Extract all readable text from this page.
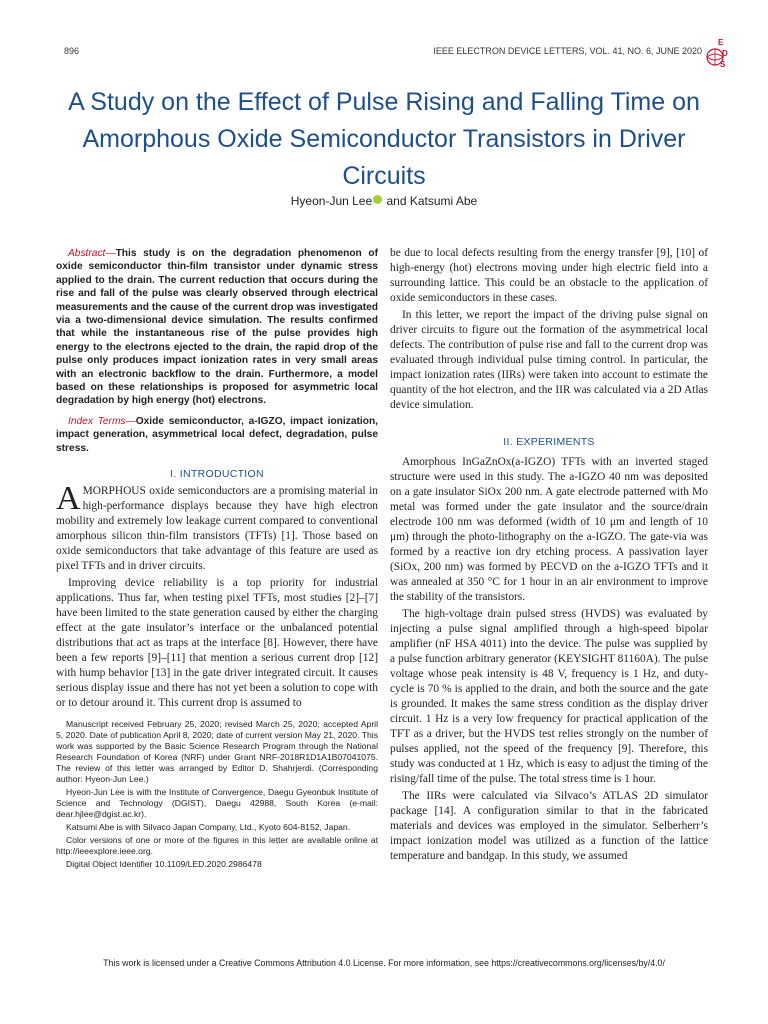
896	IEEE ELECTRON DEVICE LETTERS, VOL. 41, NO. 6, JUNE 2020
E
D
S
A Study on the Effect of Pulse Rising and Falling Time on Amorphous Oxide Semiconductor Transistors in Driver Circuits
Hyeon-Jun Lee and Katsumi Abe
Abstract—This study is on the degradation phenomenon of oxide semiconductor thin-film transistor under dynamic stress applied to the drain. The current reduction that occurs during the rise and fall of the pulse was clearly observed through electrical measurements and the cause of the current drop was investigated via a two-dimensional device simulation. The results confirmed that while the instantaneous rise of the pulse provides high energy to the electrons ejected to the drain, the rapid drop of the pulse only produces impact ionization rates in very small areas with an electronic backflow to the drain. Furthermore, a model based on these relationships is proposed for asymmetric local degradation by high energy (hot) electrons.
Index Terms—Oxide semiconductor, a-IGZO, impact ionization, impact generation, asymmetrical local defect, degradation, pulse stress.
I. INTRODUCTION

AMORPHOUS oxide semiconductors are a promising material in high-performance displays because they have high electron mobility and extremely low leakage current compared to conventional amorphous silicon thin-film transistors (TFTs) [1]. Those based on oxide semiconductors that take advantage of this feature are used as pixel TFTs and in driver circuits.

Improving device reliability is a top priority for industrial applications. Thus far, when testing pixel TFTs, most studies [2]–[7] have been limited to the state generation caused by either the charging effect at the gate insulator’s interface or the unbalanced potential distributions that act as traps at the interface [8]. However, there have been a few reports [9]–[11] that mention a serious current drop [12] with hump behavior [13] in the gate driver integrated circuit. It causes serious display issue and there has not yet been a solution to cope with or to detour around it. This current drop is assumed to

Manuscript received February 25, 2020; revised March 25, 2020; accepted April 5, 2020. Date of publication April 8, 2020; date of current version May 21, 2020. This work was supported by the Basic Science Research Program through the National Research Foundation of Korea (NRF) under Grant NRF-2018R1D1A1B07041075. The review of this letter was arranged by Editor D. Shahrjerdi. (Corresponding author: Hyeon-Jun Lee.)

Hyeon-Jun Lee is with the Institute of Convergence, Daegu Gyeonbuk Institute of Science and Technology (DGIST), Daegu 42988, South Korea (e-mail: dear.hjlee@dgist.ac.kr).

Katsumi Abe is with Silvaco Japan Company, Ltd., Kyoto 604-8152, Japan.

Color versions of one or more of the figures in this letter are available online at http://ieeexplore.ieee.org.

Digital Object Identifier 10.1109/LED.2020.2986478

be due to local defects resulting from the energy transfer [9], [10] of high-energy (hot) electrons moving under high electric field into a surrounding lattice. This could be an obstacle to the application of oxide semiconductors in these cases.

In this letter, we report the impact of the driving pulse signal on driver circuits to figure out the formation of the asymmetrical local defects. The contribution of pulse rise and fall to the current drop was evaluated through individual pulse timing control. In particular, the impact ionization rates (IIRs) were taken into account to estimate the quantity of the hot electron, and the IIR was calculated via a 2D Atlas device simulation.

II. EXPERIMENTS

Amorphous InGaZnOx(a-IGZO) TFTs with an inverted staged structure were used in this study. The a-IGZO 40 nm was deposited on a gate insulator SiOx 200 nm. A gate electrode patterned with Mo metal was formed under the gate insulator and the source/drain electrode 100 nm was deformed (width of 10 μm and length of 10 μm) through the photo-lithography on the a-IGZO. The gate-via was formed by a reactive ion dry etching process. A passivation layer (SiOx, 200 nm) was formed by PECVD on the a-IGZO TFTs and it was annealed at 350 °C for 1 hour in an air environment to improve the stability of the transistors.

The high-voltage drain pulsed stress (HVDS) was evaluated by injecting a pulse signal amplified through a high-speed bipolar amplifier (nF HSA 4011) into the device. The pulse was supplied by a pulse function arbitrary generator (KEYSIGHT 81160A). The pulse voltage whose peak intensity is 48 V, frequency is 1 Hz, and duty-cycle is 70 % is applied to the drain, and both the source and the gate is grounded. It makes the same stress condition as the display driver circuit. 1 Hz is a very low frequency for practical application of the TFT as a driver, but the HVDS test relies strongly on the number of pulses applied, not the speed of the frequency [9]. Therefore, this study was conducted at 1 Hz, which is easy to adjust the timing of the rising/fall time of the pulse. The total stress time is 1 hour.

The IIRs were calculated via Silvaco’s ATLAS 2D simulator package [14]. A configuration similar to that in the fabricated materials and devices was employed in the simulator. Selberherr’s impact ionization model was utilized as a function of the lattice temperature and bandgap. In this study, we assumed

This work is licensed under a Creative Commons Attribution 4.0 License. For more information, see https://creativecommons.org/licenses/by/4.0/
